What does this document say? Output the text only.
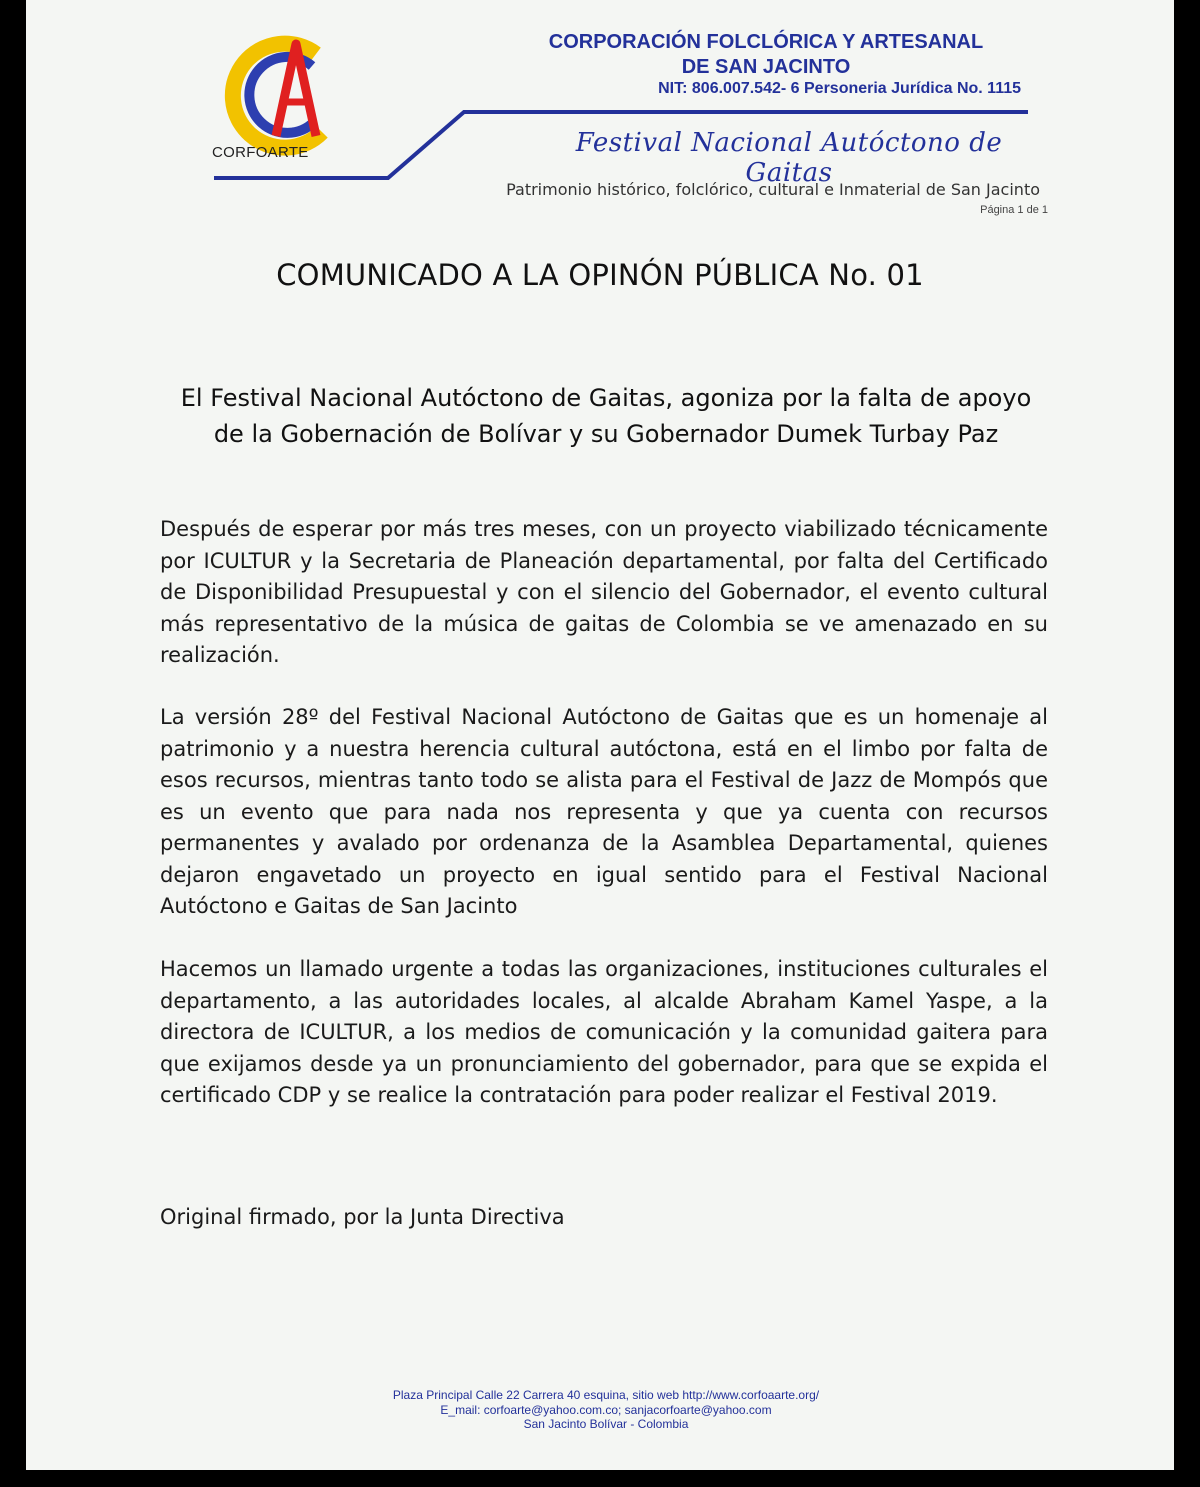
CORFOARTE
CORPORACIÓN FOLCLÓRICA Y ARTESANAL
DE SAN JACINTO
NIT: 806.007.542- 6 Personeria Jurídica No. 1115
Festival Nacional Autóctono de Gaitas
Patrimonio histórico, folclórico, cultural e Inmaterial de San Jacinto
Página 1 de 1
COMUNICADO A LA OPINÓN PÚBLICA No. 01
El Festival Nacional Autóctono de Gaitas, agoniza por la falta de apoyo de la Gobernación de Bolívar y su Gobernador Dumek Turbay Paz
Después de esperar por más tres meses, con un proyecto viabilizado técnicamente por ICULTUR y la Secretaria de Planeación departamental, por falta del Certificado de Disponibilidad Presupuestal y con el silencio del Gobernador, el evento cultural más representativo de la música de gaitas de Colombia se ve amenazado en su realización.
La versión 28º del Festival Nacional Autóctono de Gaitas que es un homenaje al patrimonio y a nuestra herencia cultural autóctona, está en el limbo por falta de esos recursos, mientras tanto todo se alista para el Festival de Jazz de Mompós que es un evento que para nada nos representa y que ya cuenta con recursos permanentes y avalado por ordenanza de la Asamblea Departamental, quienes dejaron engavetado un proyecto en igual sentido para el Festival Nacional Autóctono e Gaitas de San Jacinto
Hacemos un llamado urgente a todas las organizaciones, instituciones culturales el departamento, a las autoridades locales, al alcalde Abraham Kamel Yaspe, a la directora de ICULTUR, a los medios de comunicación y la comunidad gaitera para que exijamos desde ya un pronunciamiento del gobernador, para que se expida el certificado CDP y se realice la contratación para poder realizar el Festival 2019.
Original firmado, por la Junta Directiva
Plaza Principal Calle 22 Carrera 40 esquina, sitio web http://www.corfoaarte.org/
E_mail: corfoarte@yahoo.com.co; sanjacorfoarte@yahoo.com
San Jacinto Bolívar - Colombia
